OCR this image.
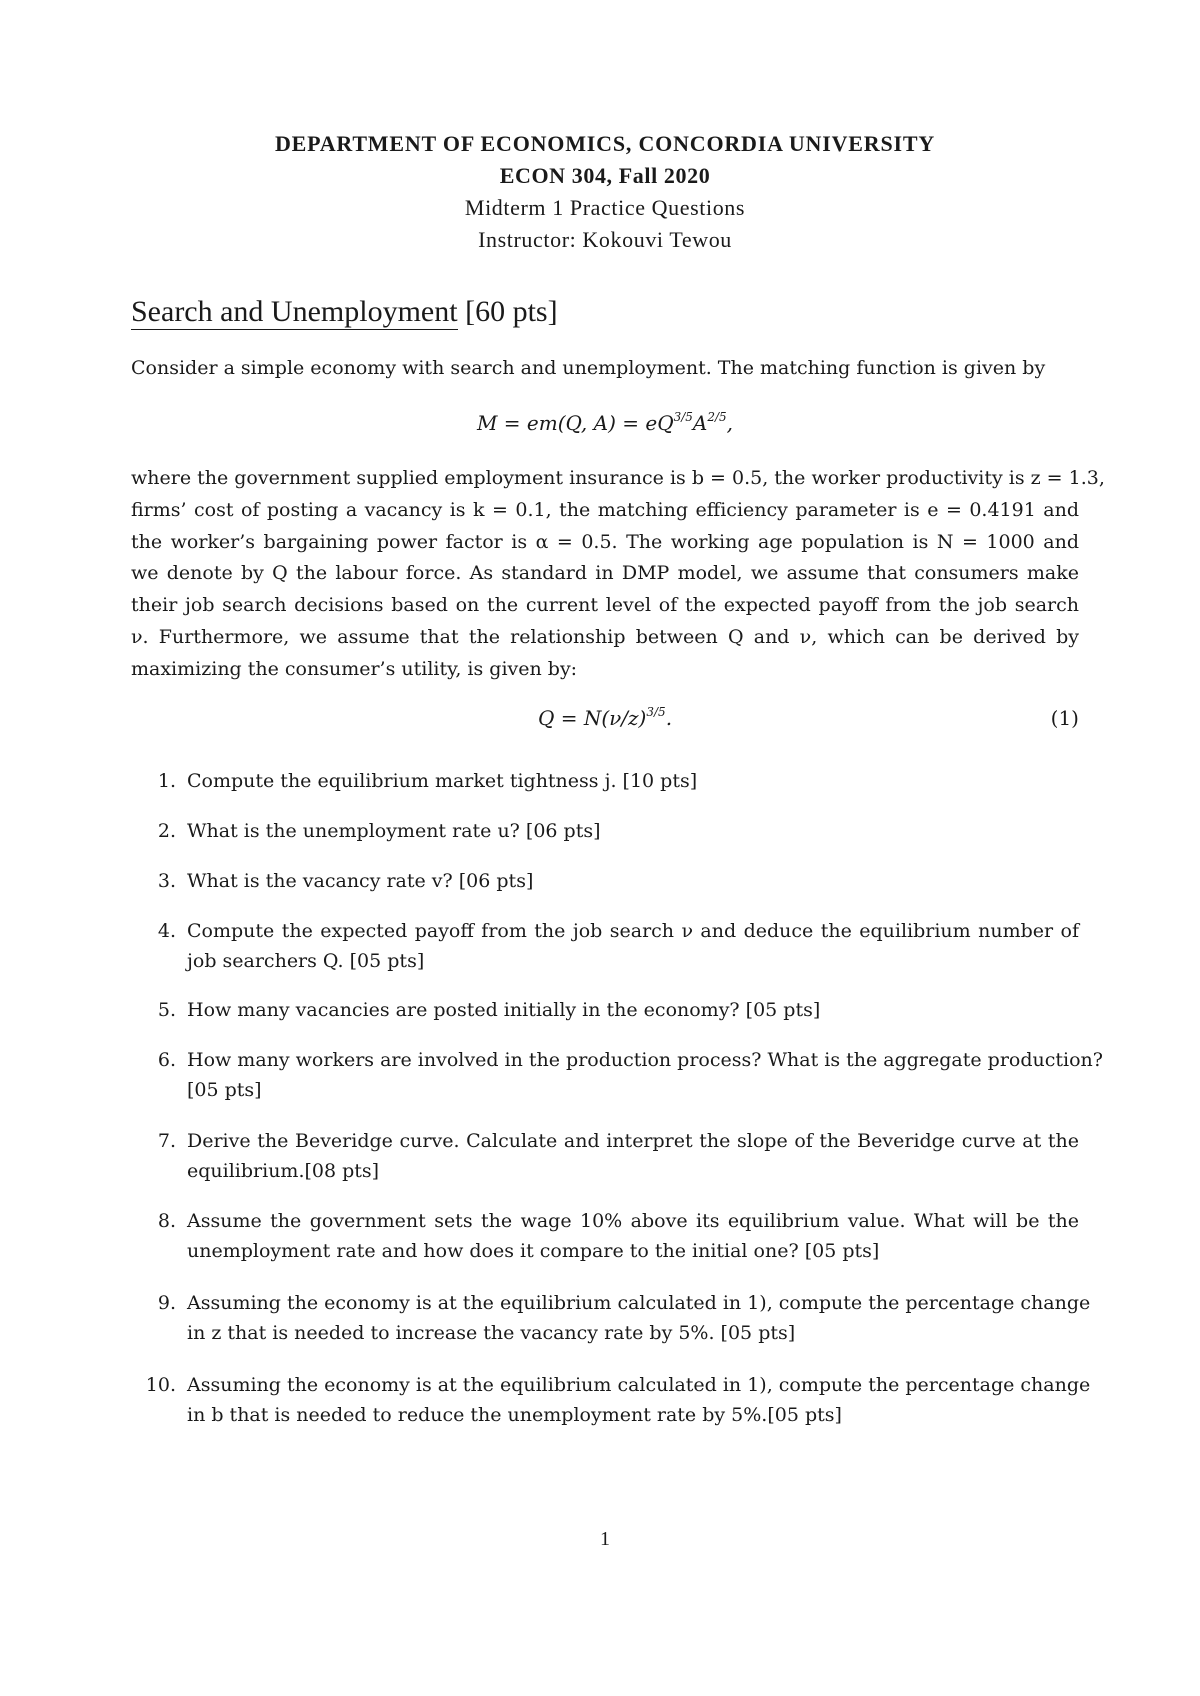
DEPARTMENT OF ECONOMICS, CONCORDIA UNIVERSITY
ECON 304, Fall 2020
Midterm 1 Practice Questions
Instructor: Kokouvi Tewou
Search and Unemployment [60 pts]
Consider a simple economy with search and unemployment. The matching function is given by
M = em(Q, $A) = eQ^{3/5}A^{2/5}$,
where the government supplied employment insurance is b = 0.5, the worker productivity is z = 1.3,
firms’ cost of posting a vacancy is k = 0.1, the matching efficiency parameter is e = 0.4191 and
the worker’s bargaining power factor is α = 0.5. The working age population is N = 1000 and
we denote by Q the labour force. As standard in DMP model, we assume that consumers make
their job search decisions based on the current level of the expected payoff from the job search
ν. Furthermore, we assume that the relationship between Q and ν, which can be derived by
maximizing the consumer’s utility, is given by:
$Q = N(\nu/z)^{3/5}$.	(1)
1. Compute the equilibrium market tightness j. [10 pts]
2. What is the unemployment rate u? [06 pts]
3. What is the vacancy rate v? [06 pts]
4. Compute the expected payoff from the job search ν and deduce the equilibrium number of
job searchers Q. [05 pts]
5. How many vacancies are posted initially in the economy? [05 pts]
6. How many workers are involved in the production process? What is the aggregate production?
[05 pts]
7. Derive the Beveridge curve. Calculate and interpret the slope of the Beveridge curve at the
equilibrium.[08 pts]
8. Assume the government sets the wage 10% above its equilibrium value. What will be the
unemployment rate and how does it compare to the initial one? [05 pts]
9. Assuming the economy is at the equilibrium calculated in 1), compute the percentage change
in z that is needed to increase the vacancy rate by 5%. [05 pts]
10. Assuming the economy is at the equilibrium calculated in 1), compute the percentage change
in b that is needed to reduce the unemployment rate by 5%.[05 pts]
1
